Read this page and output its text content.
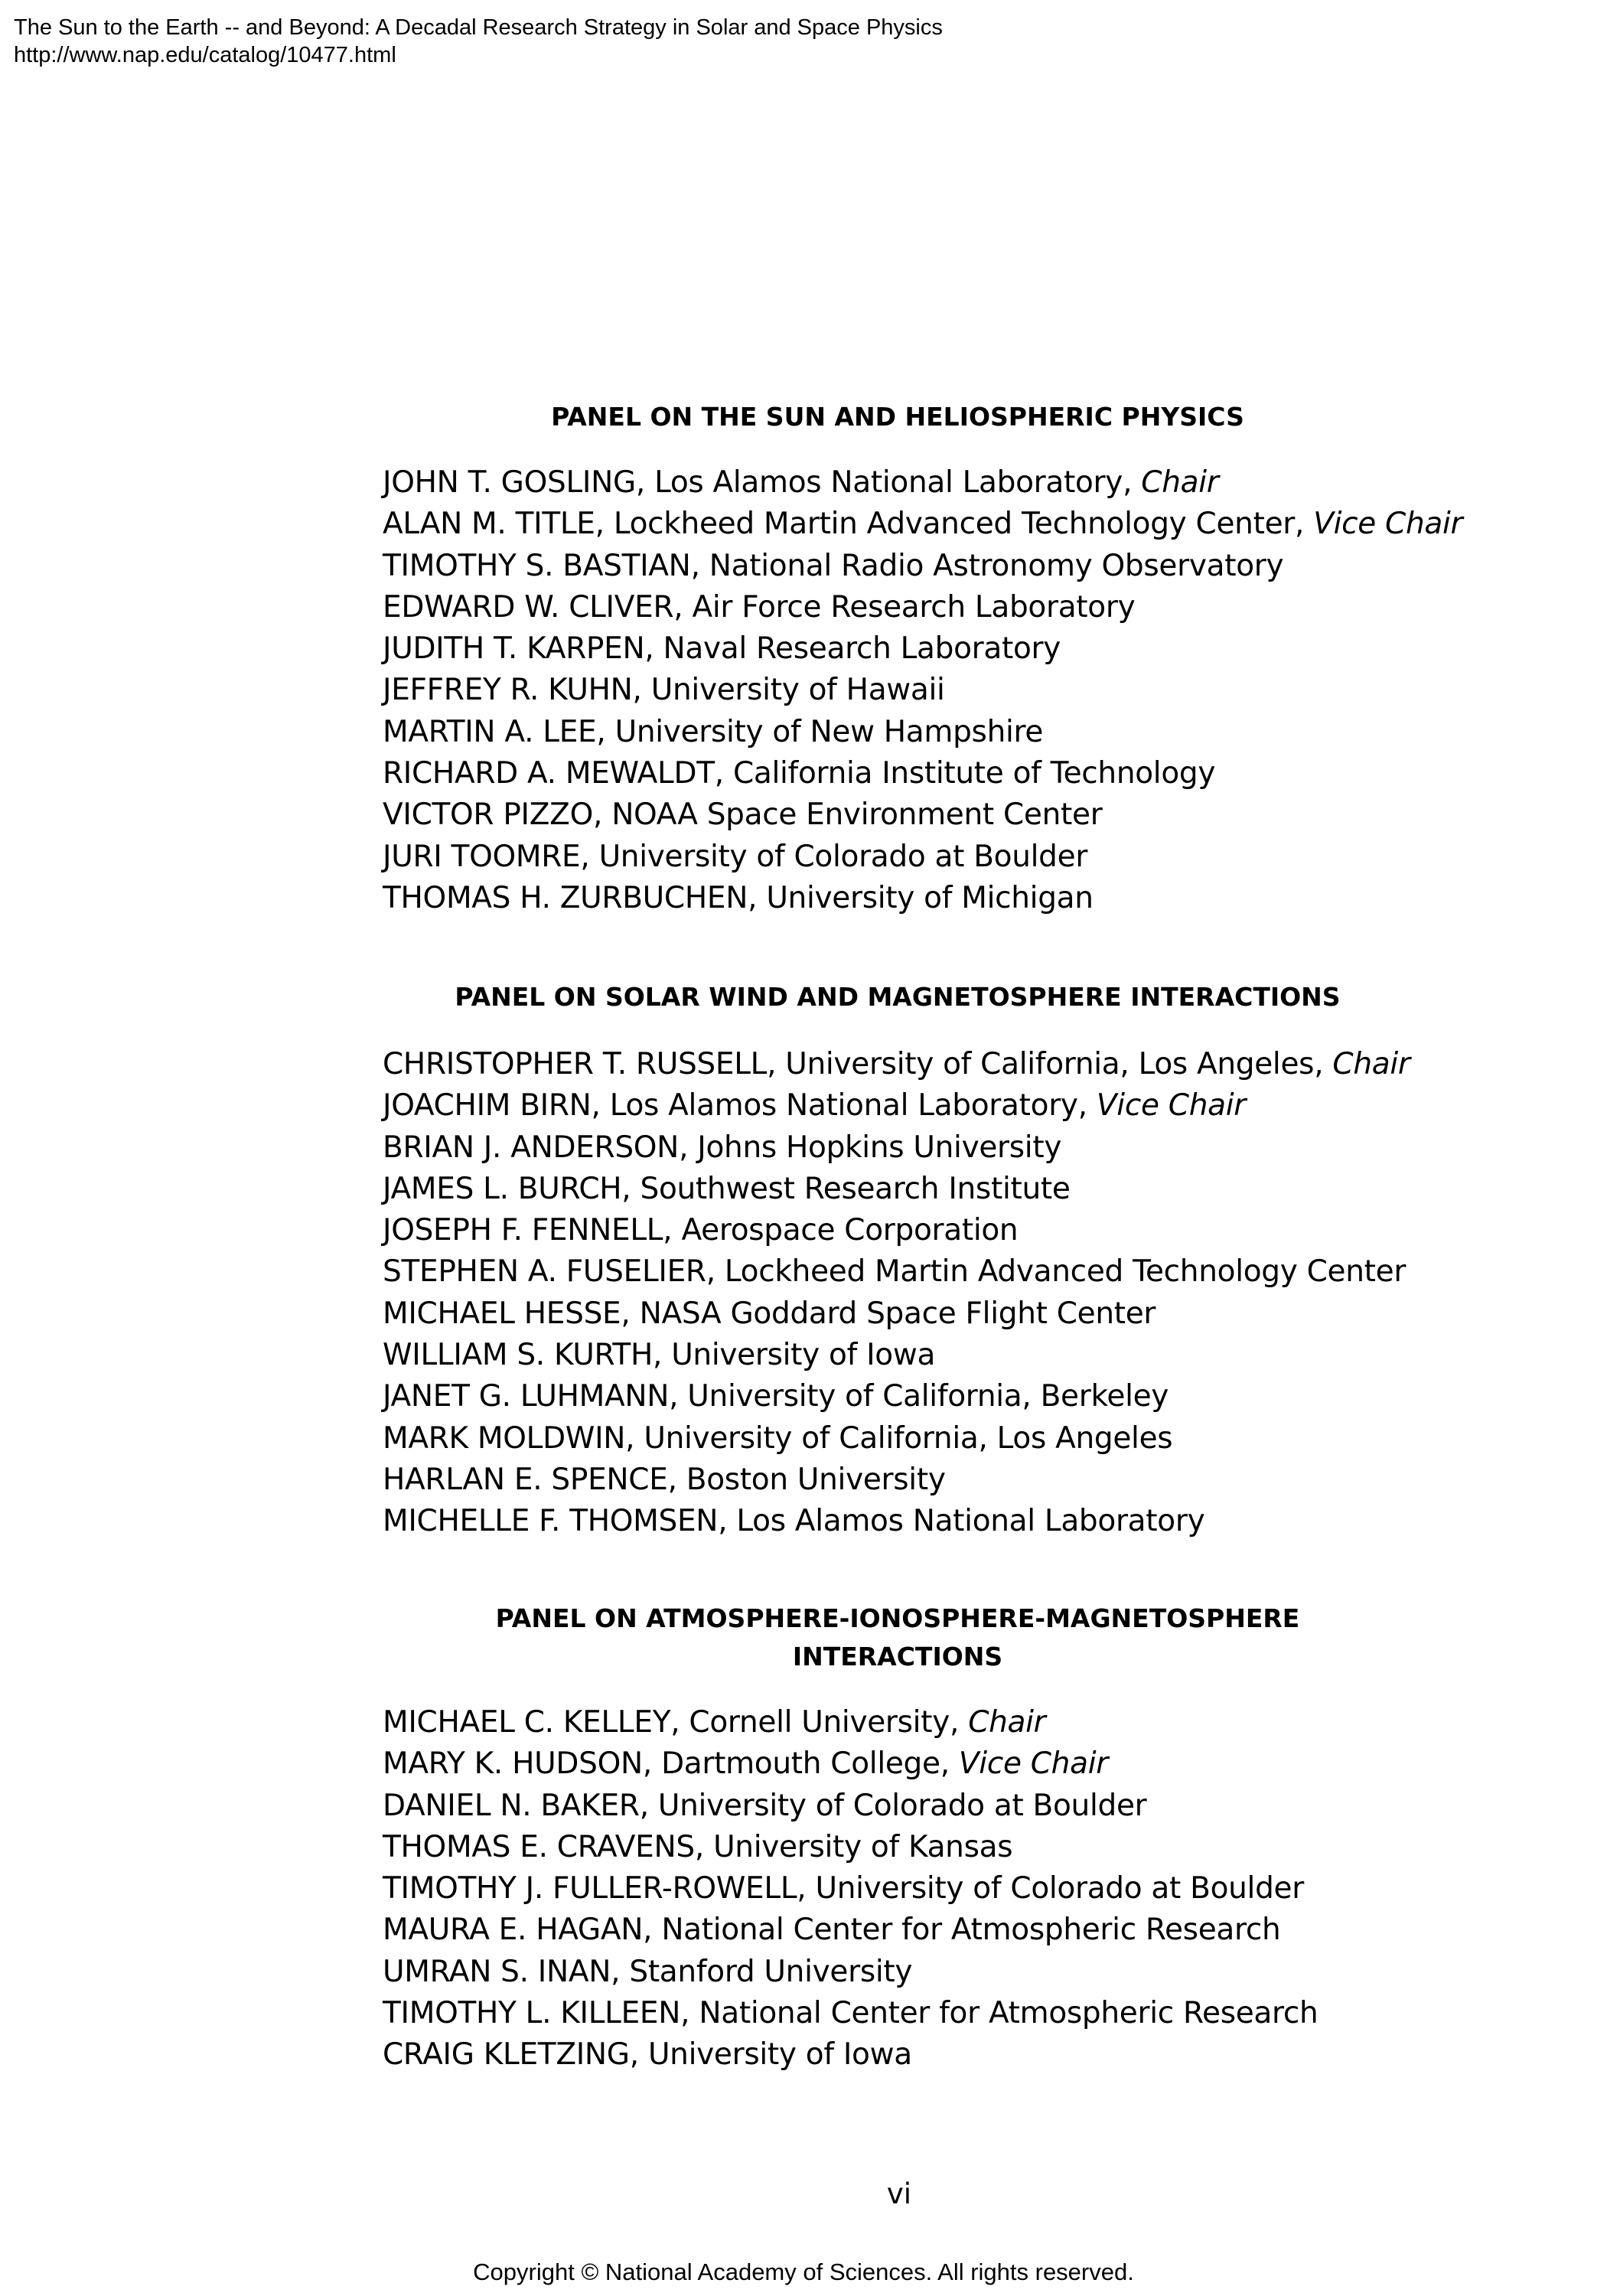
The Sun to the Earth -- and Beyond: A Decadal Research Strategy in Solar and Space Physics
http://www.nap.edu/catalog/10477.html
PANEL ON THE SUN AND HELIOSPHERIC PHYSICS
JOHN T. GOSLING, Los Alamos National Laboratory, Chair
ALAN M. TITLE, Lockheed Martin Advanced Technology Center, Vice Chair
TIMOTHY S. BASTIAN, National Radio Astronomy Observatory
EDWARD W. CLIVER, Air Force Research Laboratory
JUDITH T. KARPEN, Naval Research Laboratory
JEFFREY R. KUHN, University of Hawaii
MARTIN A. LEE, University of New Hampshire
RICHARD A. MEWALDT, California Institute of Technology
VICTOR PIZZO, NOAA Space Environment Center
JURI TOOMRE, University of Colorado at Boulder
THOMAS H. ZURBUCHEN, University of Michigan
PANEL ON SOLAR WIND AND MAGNETOSPHERE INTERACTIONS
CHRISTOPHER T. RUSSELL, University of California, Los Angeles, Chair
JOACHIM BIRN, Los Alamos National Laboratory, Vice Chair
BRIAN J. ANDERSON, Johns Hopkins University
JAMES L. BURCH, Southwest Research Institute
JOSEPH F. FENNELL, Aerospace Corporation
STEPHEN A. FUSELIER, Lockheed Martin Advanced Technology Center
MICHAEL HESSE, NASA Goddard Space Flight Center
WILLIAM S. KURTH, University of Iowa
JANET G. LUHMANN, University of California, Berkeley
MARK MOLDWIN, University of California, Los Angeles
HARLAN E. SPENCE, Boston University
MICHELLE F. THOMSEN, Los Alamos National Laboratory
PANEL ON ATMOSPHERE-IONOSPHERE-MAGNETOSPHERE
INTERACTIONS
MICHAEL C. KELLEY, Cornell University, Chair
MARY K. HUDSON, Dartmouth College, Vice Chair
DANIEL N. BAKER, University of Colorado at Boulder
THOMAS E. CRAVENS, University of Kansas
TIMOTHY J. FULLER-ROWELL, University of Colorado at Boulder
MAURA E. HAGAN, National Center for Atmospheric Research
UMRAN S. INAN, Stanford University
TIMOTHY L. KILLEEN, National Center for Atmospheric Research
CRAIG KLETZING, University of Iowa
vi
Copyright © National Academy of Sciences. All rights reserved.
